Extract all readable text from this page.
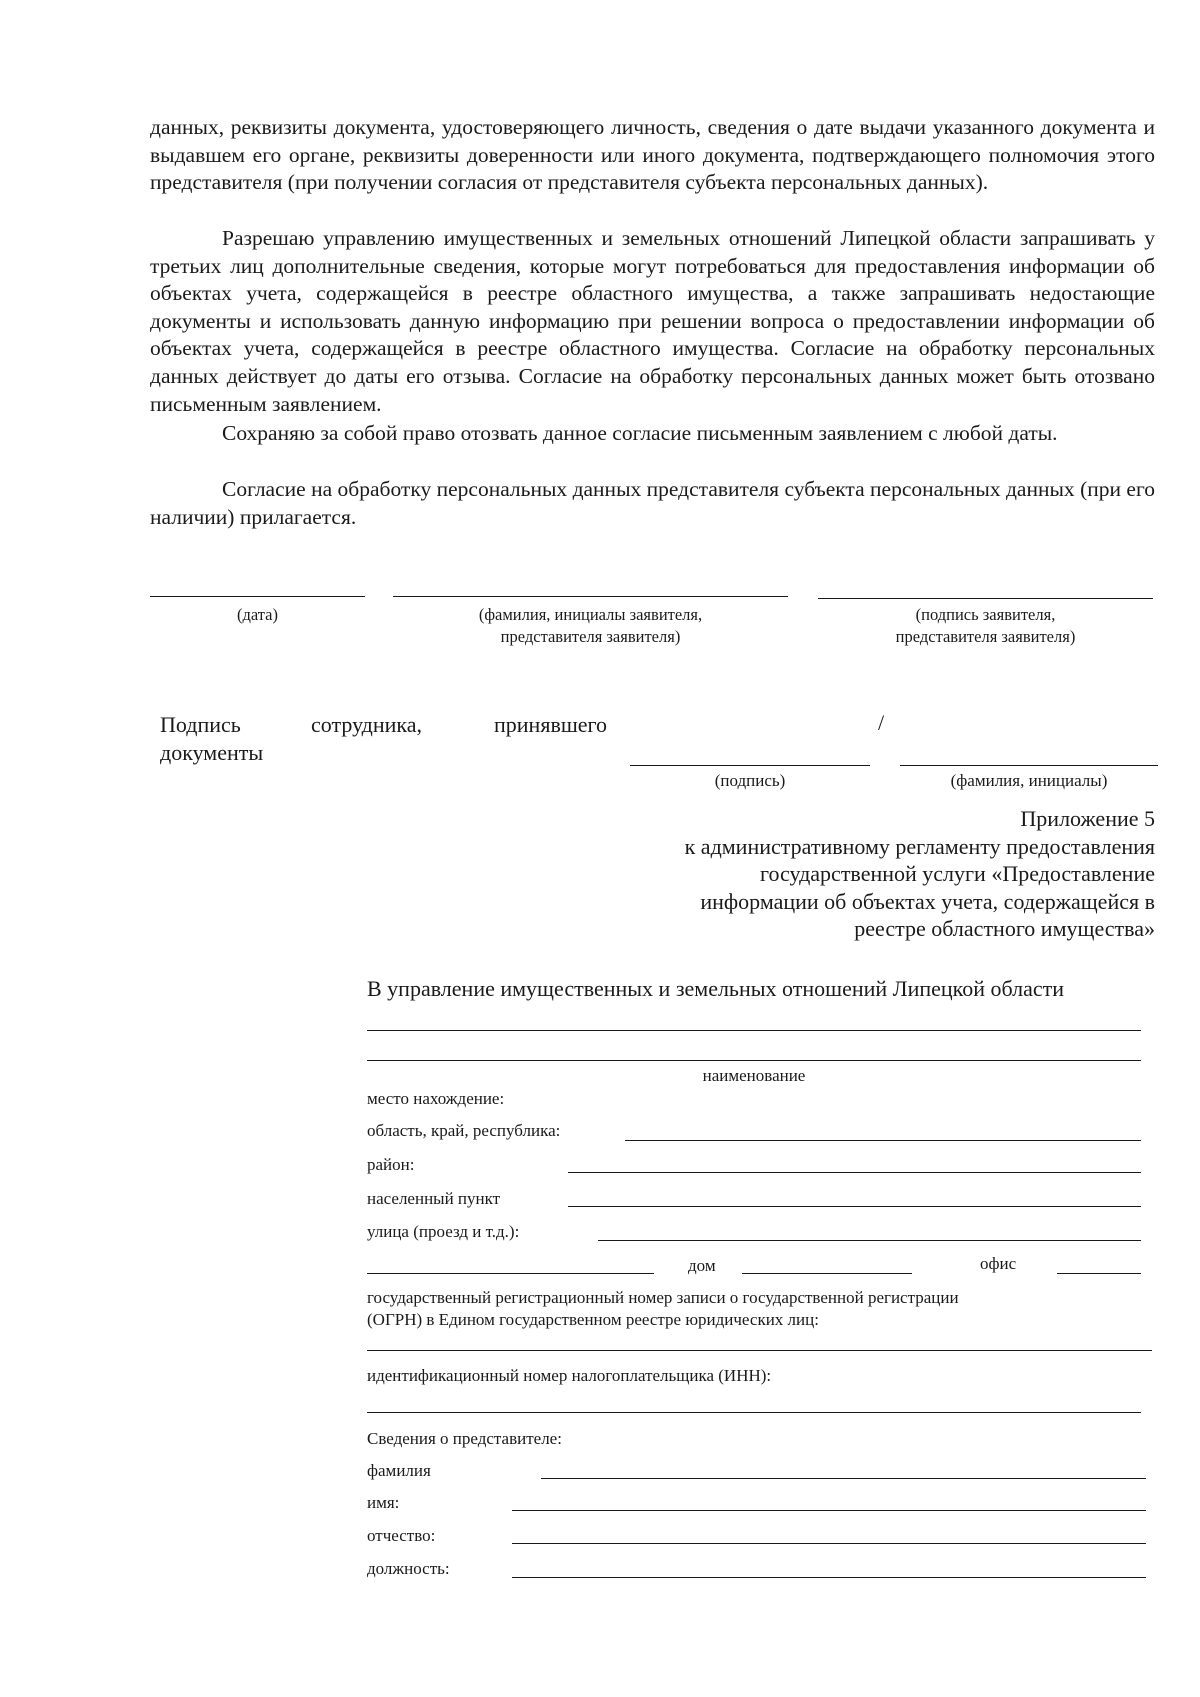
данных, реквизиты документа, удостоверяющего личность, сведения о дате выдачи указанного документа и выдавшем его органе, реквизиты доверенности или иного документа, подтверждающего полномочия этого представителя (при получении согласия от представителя субъекта персональных данных).
Разрешаю управлению имущественных и земельных отношений Липецкой области запрашивать у третьих лиц дополнительные сведения, которые могут потребоваться для предоставления информации об объектах учета, содержащейся в реестре областного имущества, а также запрашивать недостающие документы и использовать данную информацию при решении вопроса о предоставлении информации об объектах учета, содержащейся в реестре областного имущества. Согласие на обработку персональных данных действует до даты его отзыва. Согласие на обработку персональных данных может быть отозвано письменным заявлением.
Сохраняю за собой право отозвать данное согласие письменным заявлением с любой даты.
Согласие на обработку персональных данных представителя субъекта персональных данных (при его наличии) прилагается.
(дата)	(фамилия, инициалы заявителя,
представителя заявителя)
(подпись заявителя,
представителя заявителя)
Подпись	сотрудника,	принявшего
документы
/
(подпись)	(фамилия, инициалы)
Приложение 5
к административному регламенту предоставления
государственной услуги «Предоставление
информации об объектах учета, содержащейся в
реестре областного имущества»
В управление имущественных и земельных отношений Липецкой области
наименование
место нахождение:
область, край, республика:
район:
населенный пункт
улица (проезд и т.д.):
дом	офис
государственный регистрационный номер записи о государственной регистрации
(ОГРН) в Едином государственном реестре юридических лиц:
идентификационный номер налогоплательщика (ИНН):
Сведения о представителе:
фамилия
имя:
отчество:
должность:
